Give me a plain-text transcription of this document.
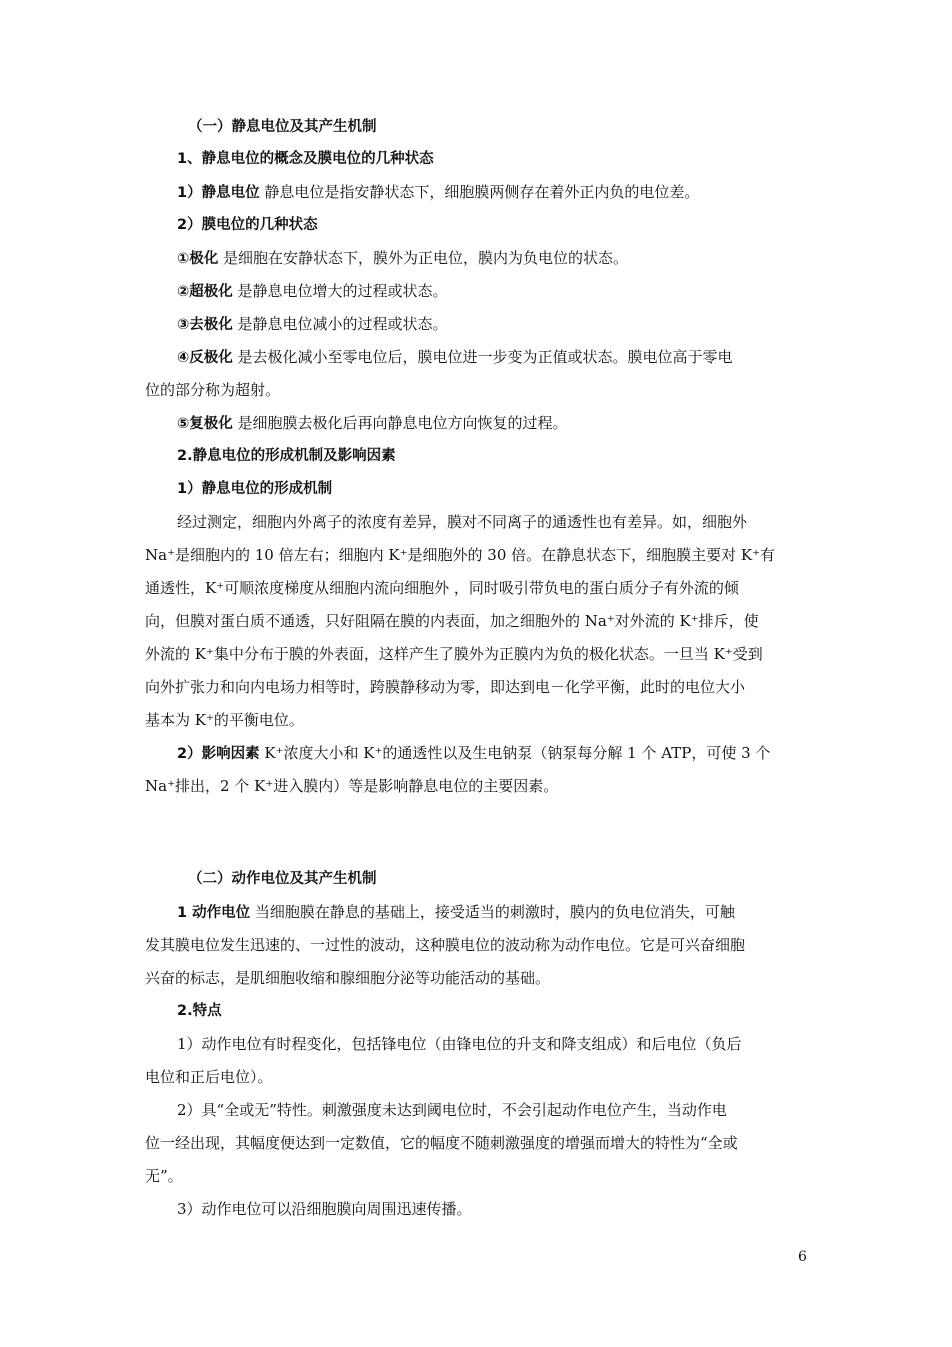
（一）静息电位及其产生机制
1、静息电位的概念及膜电位的几种状态
1）静息电位 静息电位是指安静状态下，细胞膜两侧存在着外正内负的电位差。
2）膜电位的几种状态
①极化 是细胞在安静状态下，膜外为正电位，膜内为负电位的状态。
②超极化 是静息电位增大的过程或状态。
③去极化 是静息电位减小的过程或状态。
④反极化 是去极化减小至零电位后，膜电位进一步变为正值或状态。膜电位高于零电
位的部分称为超射。
⑤复极化 是细胞膜去极化后再向静息电位方向恢复的过程。
2.静息电位的形成机制及影响因素
1）静息电位的形成机制
经过测定，细胞内外离子的浓度有差异，膜对不同离子的通透性也有差异。如，细胞外
Na⁺是细胞内的 10 倍左右；细胞内 K⁺是细胞外的 30 倍。在静息状态下，细胞膜主要对 K⁺有
通透性，K⁺可顺浓度梯度从细胞内流向细胞外 ，同时吸引带负电的蛋白质分子有外流的倾
向，但膜对蛋白质不通透，只好阻隔在膜的内表面，加之细胞外的 Na⁺对外流的 K⁺排斥，使
外流的 K⁺集中分布于膜的外表面，这样产生了膜外为正膜内为负的极化状态。一旦当 K⁺受到
向外扩张力和向内电场力相等时，跨膜静移动为零，即达到电－化学平衡，此时的电位大小
基本为 K⁺的平衡电位。
2）影响因素 K⁺浓度大小和 K⁺的通透性以及生电钠泵（钠泵每分解 1 个 ATP，可使 3 个
Na⁺排出，2 个 K⁺进入膜内）等是影响静息电位的主要因素。
（二）动作电位及其产生机制
1 动作电位 当细胞膜在静息的基础上，接受适当的刺激时，膜内的负电位消失，可触
发其膜电位发生迅速的、一过性的波动，这种膜电位的波动称为动作电位。它是可兴奋细胞
兴奋的标志，是肌细胞收缩和腺细胞分泌等功能活动的基础。
2.特点
1）动作电位有时程变化，包括锋电位（由锋电位的升支和降支组成）和后电位（负后
电位和正后电位）。
2）具“全或无”特性。刺激强度未达到阈电位时，不会引起动作电位产生，当动作电
位一经出现，其幅度便达到一定数值，它的幅度不随刺激强度的增强而增大的特性为“全或
无”。
3）动作电位可以沿细胞膜向周围迅速传播。
6
